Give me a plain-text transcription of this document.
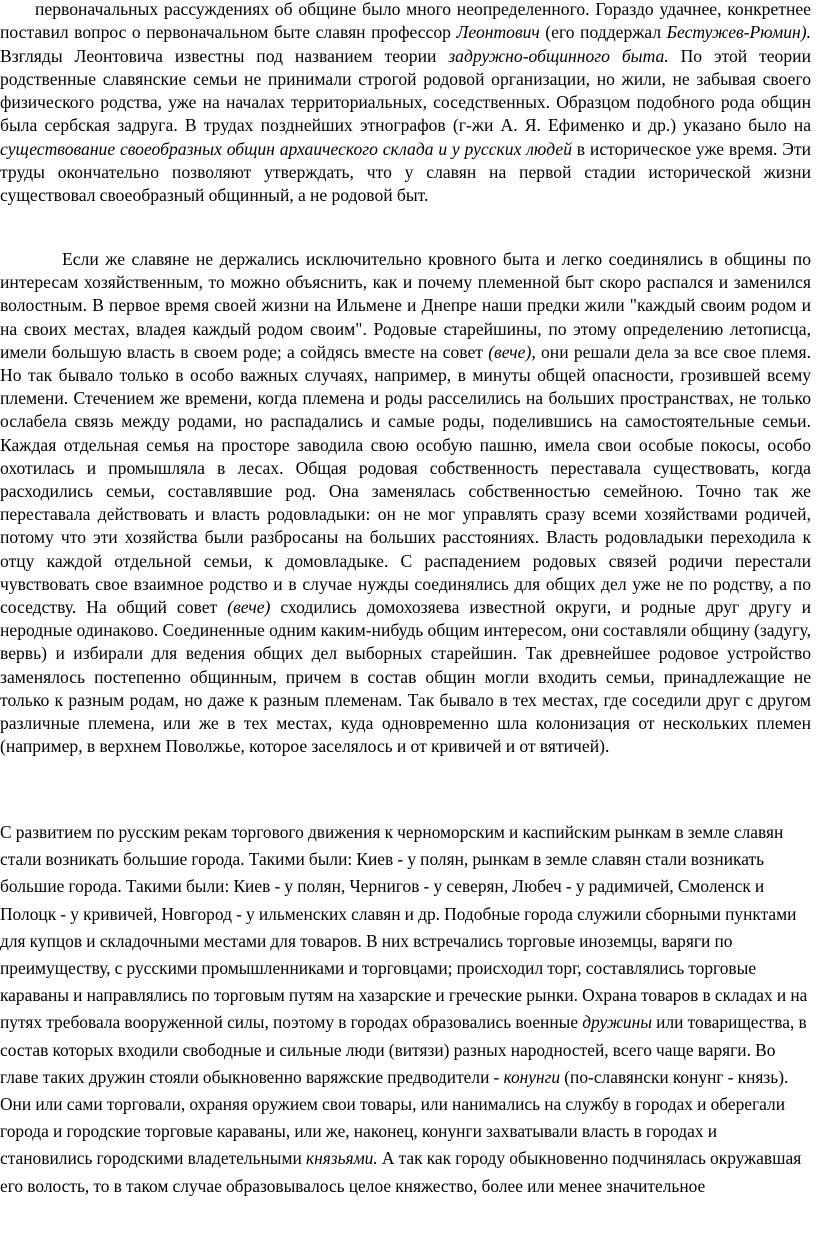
первоначальных рассуждениях об общине было много неопределенного. Гораздо удачнее, конкретнее поставил вопрос о первоначальном быте славян профессор Леонтович (его поддержал Бестужев-Рюмин). Взгляды Леонтовича известны под названием теории задружно-общинного быта. По этой теории родственные славянские семьи не принимали строгой родовой организации, но жили, не забывая своего физического родства, уже на началах территориальных, соседственных. Образцом подобного рода общин была сербская задруга. В трудах позднейших этнографов (г-жи А. Я. Ефименко и др.) указано было на существование своеобразных общин архаического склада и у русских людей в историческое уже время. Эти труды окончательно позволяют утверждать, что у славян на первой стадии исторической жизни существовал своеобразный общинный, а не родовой быт.

Если же славяне не держались исключительно кровного быта и легко соединялись в общины по интересам хозяйственным, то можно объяснить, как и почему племенной быт скоро распался и заменился волостным. В первое время своей жизни на Ильмене и Днепре наши предки жили "каждый своим родом и на своих местах, владея каждый родом своим". Родовые старейшины, по этому определению летописца, имели большую власть в своем роде; а сойдясь вместе на совет (вече), они решали дела за все свое племя. Но так бывало только в особо важных случаях, например, в минуты общей опасности, грозившей всему племени. Стечением же времени, когда племена и роды расселились на больших пространствах, не только ослабела связь между родами, но распадались и самые роды, поделившись на самостоятельные семьи. Каждая отдельная семья на просторе заводила свою особую пашню, имела свои особые покосы, особо охотилась и промышляла в лесах. Общая родовая собственность переставала существовать, когда расходились семьи, составлявшие род. Она заменялась собственностью семейною. Точно так же переставала действовать и власть родовладыки: он не мог управлять сразу всеми хозяйствами родичей, потому что эти хозяйства были разбросаны на больших расстояниях. Власть родовладыки переходила к отцу каждой отдельной семьи, к домовладыке. С распадением родовых связей родичи перестали чувствовать свое взаимное родство и в случае нужды соединялись для общих дел уже не по родству, а по соседству. На общий совет (вече) сходились домохозяева известной округи, и родные друг другу и неродные одинаково. Соединенные одним каким-нибудь общим интересом, они составляли общину (задугу, вервь) и избирали для ведения общих дел выборных старейшин. Так древнейшее родовое устройство заменялось постепенно общинным, причем в состав общин могли входить семьи, принадлежащие не только к разным родам, но даже к разным племенам. Так бывало в тех местах, где соседили друг с другом различные племена, или же в тех местах, куда одновременно шла колонизация от нескольких племен (например, в верхнем Поволжье, которое заселялось и от кривичей и от вятичей).

С развитием по русским рекам торгового движения к черноморским и каспийским рынкам в земле славян стали возникать большие города. Такими были: Киев - у полян, рынкам в земле славян стали возникать большие города. Такими были: Киев - у полян, Чернигов - у северян, Любеч - у радимичей, Смоленск и Полоцк - у кривичей, Новгород - у ильменских славян и др. Подобные города служили сборными пунктами для купцов и складочными местами для товаров. В них встречались торговые иноземцы, варяги по преимуществу, с русскими промышленниками и торговцами; происходил торг, составлялись торговые караваны и направлялись по торговым путям на хазарские и греческие рынки. Охрана товаров в складах и на путях требовала вооруженной силы, поэтому в городах образовались военные дружины или товарищества, в состав которых входили свободные и сильные люди (витязи) разных народностей, всего чаще варяги. Во главе таких дружин стояли обыкновенно варяжские предводители - конунги (по-славянски конунг - князь). Они или сами торговали, охраняя оружием свои товары, или нанимались на службу в городах и оберегали города и городские торговые караваны, или же, наконец, конунги захватывали власть в городах и становились городскими владетельными князьями. А так как городу обыкновенно подчинялась окружавшая его волость, то в таком случае образовывалось целое княжество, более или менее значительное
